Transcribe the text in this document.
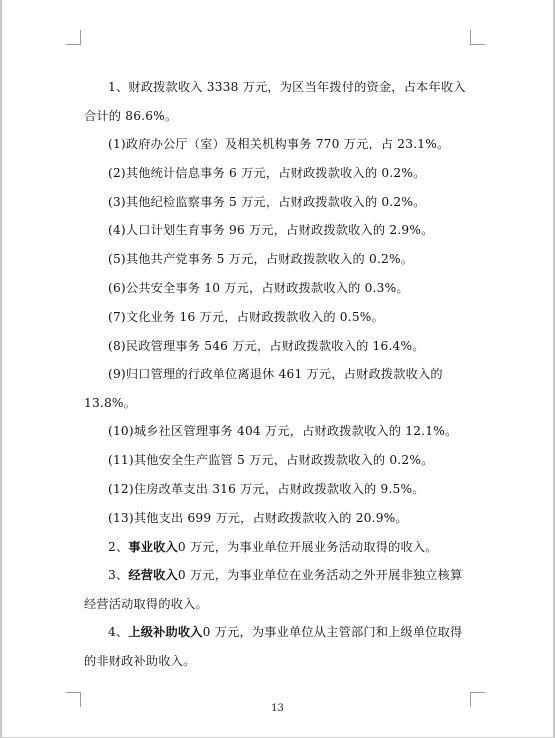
1、财政拨款收入 3338 万元，为区当年拨付的资金，占本年收入合计的 86.6%。

(1)政府办公厅（室）及相关机构事务 770 万元，占 23.1%。

(2)其他统计信息事务 6 万元，占财政拨款收入的 0.2%。

(3)其他纪检监察事务 5 万元，占财政拨款收入的 0.2%。

(4)人口计划生育事务 96 万元，占财政拨款收入的 2.9%。

(5)其他共产党事务 5 万元，占财政拨款收入的 0.2%。

(6)公共安全事务 10 万元，占财政拨款收入的 0.3%。

(7)文化业务 16 万元，占财政拨款收入的 0.5%。

(8)民政管理事务 546 万元，占财政拨款收入的 16.4%。

(9)归口管理的行政单位离退休 461 万元，占财政拨款收入的13.8%。

(10)城乡社区管理事务 404 万元，占财政拨款收入的 12.1%。

(11)其他安全生产监管 5 万元，占财政拨款收入的 0.2%。

(12)住房改革支出 316 万元，占财政拨款收入的 9.5%。

(13)其他支出 699 万元，占财政拨款收入的 20.9%。

2、事业收入0 万元，为事业单位开展业务活动取得的收入。

3、经营收入0 万元，为事业单位在业务活动之外开展非独立核算经营活动取得的收入。

4、上级补助收入0 万元，为事业单位从主管部门和上级单位取得的非财政补助收入。

13
